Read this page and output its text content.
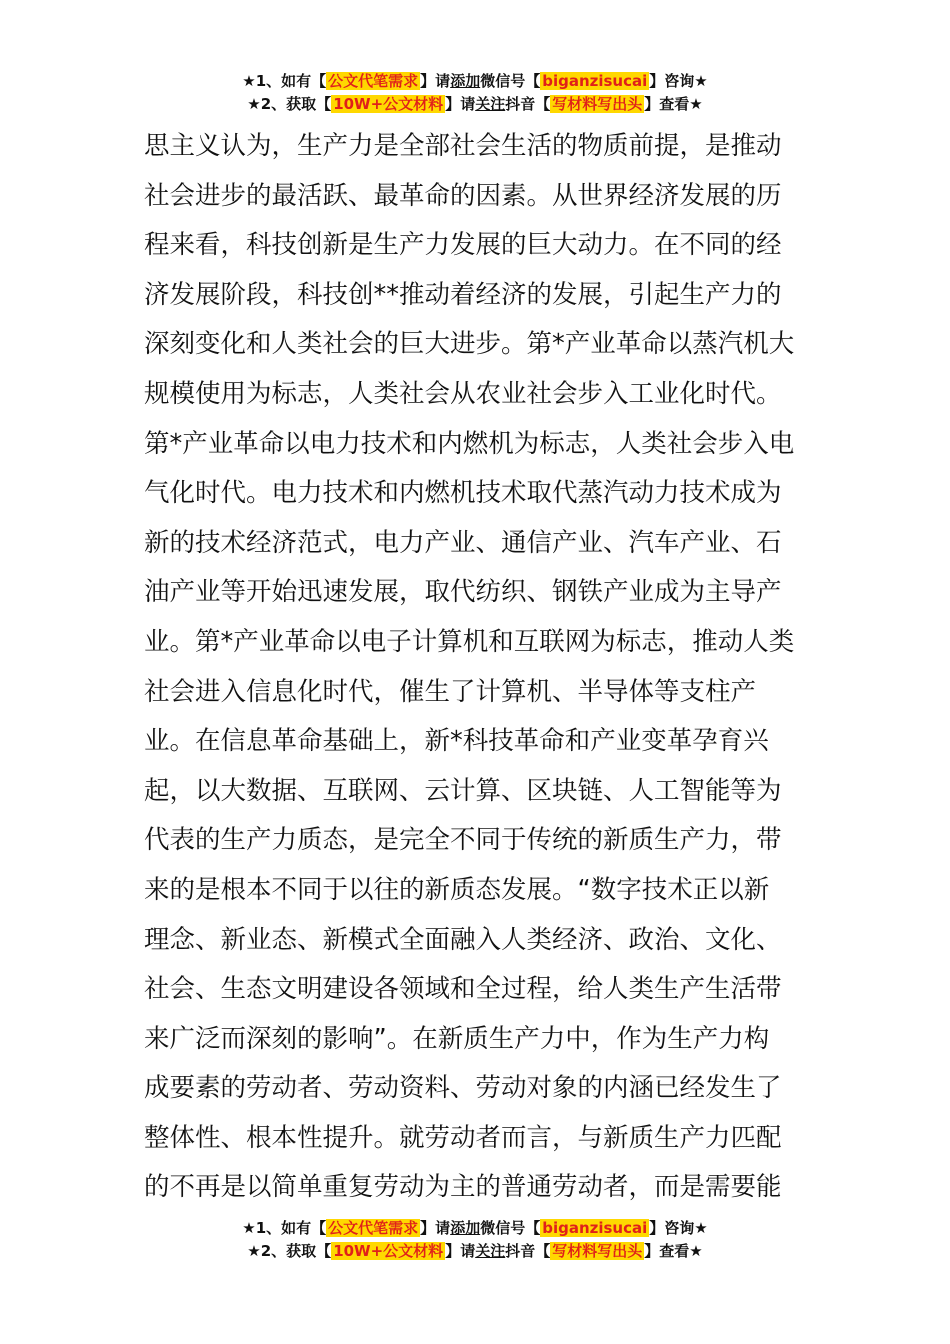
★1、如有【 公文代笔需求 】请添加微信号【 biganzisucai 】咨询★
★2、获取【 10W+公文材料 】请关注抖音【 写材料写出头 】查看★
思主义认为，生产力是全部社会生活的物质前提，是推动
社会进步的最活跃、最革命的因素。从世界经济发展的历
程来看，科技创新是生产力发展的巨大动力。在不同的经
济发展阶段，科技创**推动着经济的发展，引起生产力的
深刻变化和人类社会的巨大进步。第*产业革命以蒸汽机大
规模使用为标志，人类社会从农业社会步入工业化时代。
第*产业革命以电力技术和内燃机为标志，人类社会步入电
气化时代。电力技术和内燃机技术取代蒸汽动力技术成为
新的技术经济范式，电力产业、通信产业、汽车产业、石
油产业等开始迅速发展，取代纺织、钢铁产业成为主导产
业。第*产业革命以电子计算机和互联网为标志，推动人类
社会进入信息化时代，催生了计算机、半导体等支柱产
业。在信息革命基础上，新*科技革命和产业变革孕育兴
起，以大数据、互联网、云计算、区块链、人工智能等为
代表的生产力质态，是完全不同于传统的新质生产力，带
来的是根本不同于以往的新质态发展。“数字技术正以新
理念、新业态、新模式全面融入人类经济、政治、文化、
社会、生态文明建设各领域和全过程，给人类生产生活带
来广泛而深刻的影响”。在新质生产力中，作为生产力构
成要素的劳动者、劳动资料、劳动对象的内涵已经发生了
整体性、根本性提升。就劳动者而言，与新质生产力匹配
的不再是以简单重复劳动为主的普通劳动者，而是需要能
★1、如有【 公文代笔需求 】请添加微信号【 biganzisucai 】咨询★
★2、获取【 10W+公文材料 】请关注抖音【 写材料写出头 】查看★
